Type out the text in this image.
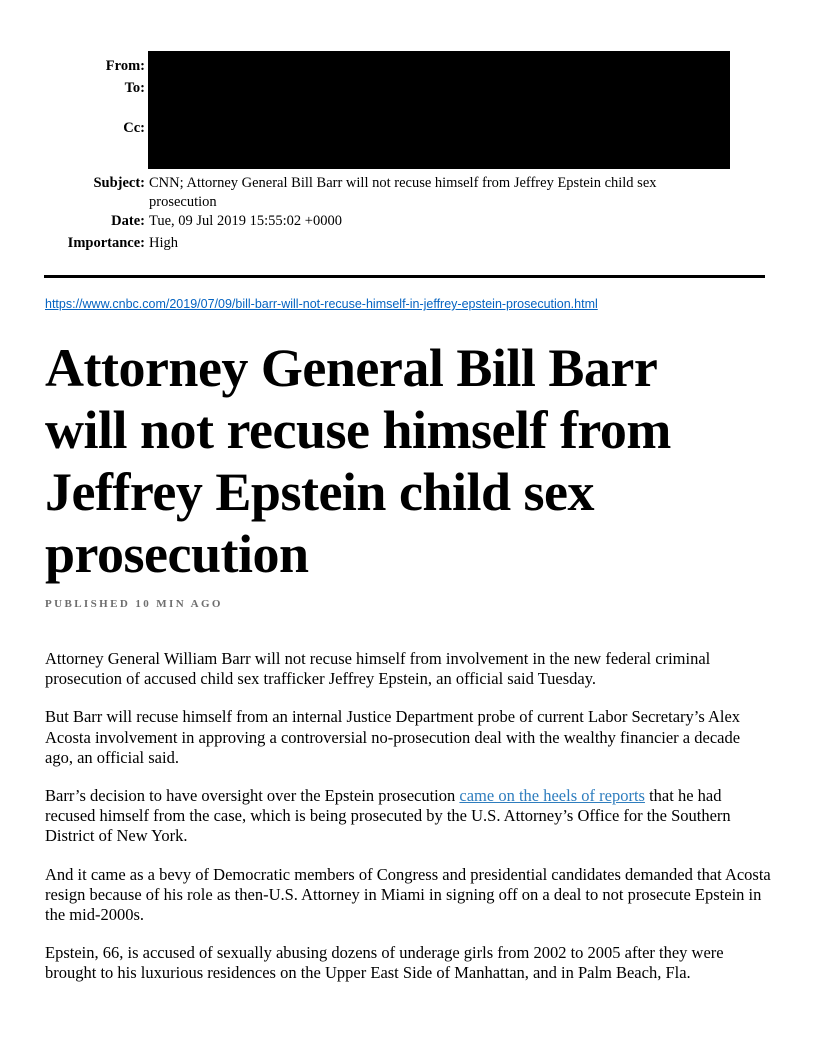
From:
To:
Cc:
Subject: CNN; Attorney General Bill Barr will not recuse himself from Jeffrey Epstein child sex prosecution
Date: Tue, 09 Jul 2019 15:55:02 +0000
Importance: High
https://www.cnbc.com/2019/07/09/bill-barr-will-not-recuse-himself-in-jeffrey-epstein-prosecution.html
Attorney General Bill Barr will not recuse himself from Jeffrey Epstein child sex prosecution
PUBLISHED 10 MIN AGO

Attorney General William Barr will not recuse himself from involvement in the new federal criminal prosecution of accused child sex trafficker Jeffrey Epstein, an official said Tuesday.

But Barr will recuse himself from an internal Justice Department probe of current Labor Secretary’s Alex Acosta involvement in approving a controversial no-prosecution deal with the wealthy financier a decade ago, an official said.

Barr’s decision to have oversight over the Epstein prosecution came on the heels of reports that he had recused himself from the case, which is being prosecuted by the U.S. Attorney’s Office for the Southern District of New York.

And it came as a bevy of Democratic members of Congress and presidential candidates demanded that Acosta resign because of his role as then-U.S. Attorney in Miami in signing off on a deal to not prosecute Epstein in the mid-2000s.

Epstein, 66, is accused of sexually abusing dozens of underage girls from 2002 to 2005 after they were brought to his luxurious residences on the Upper East Side of Manhattan, and in Palm Beach, Fla.
